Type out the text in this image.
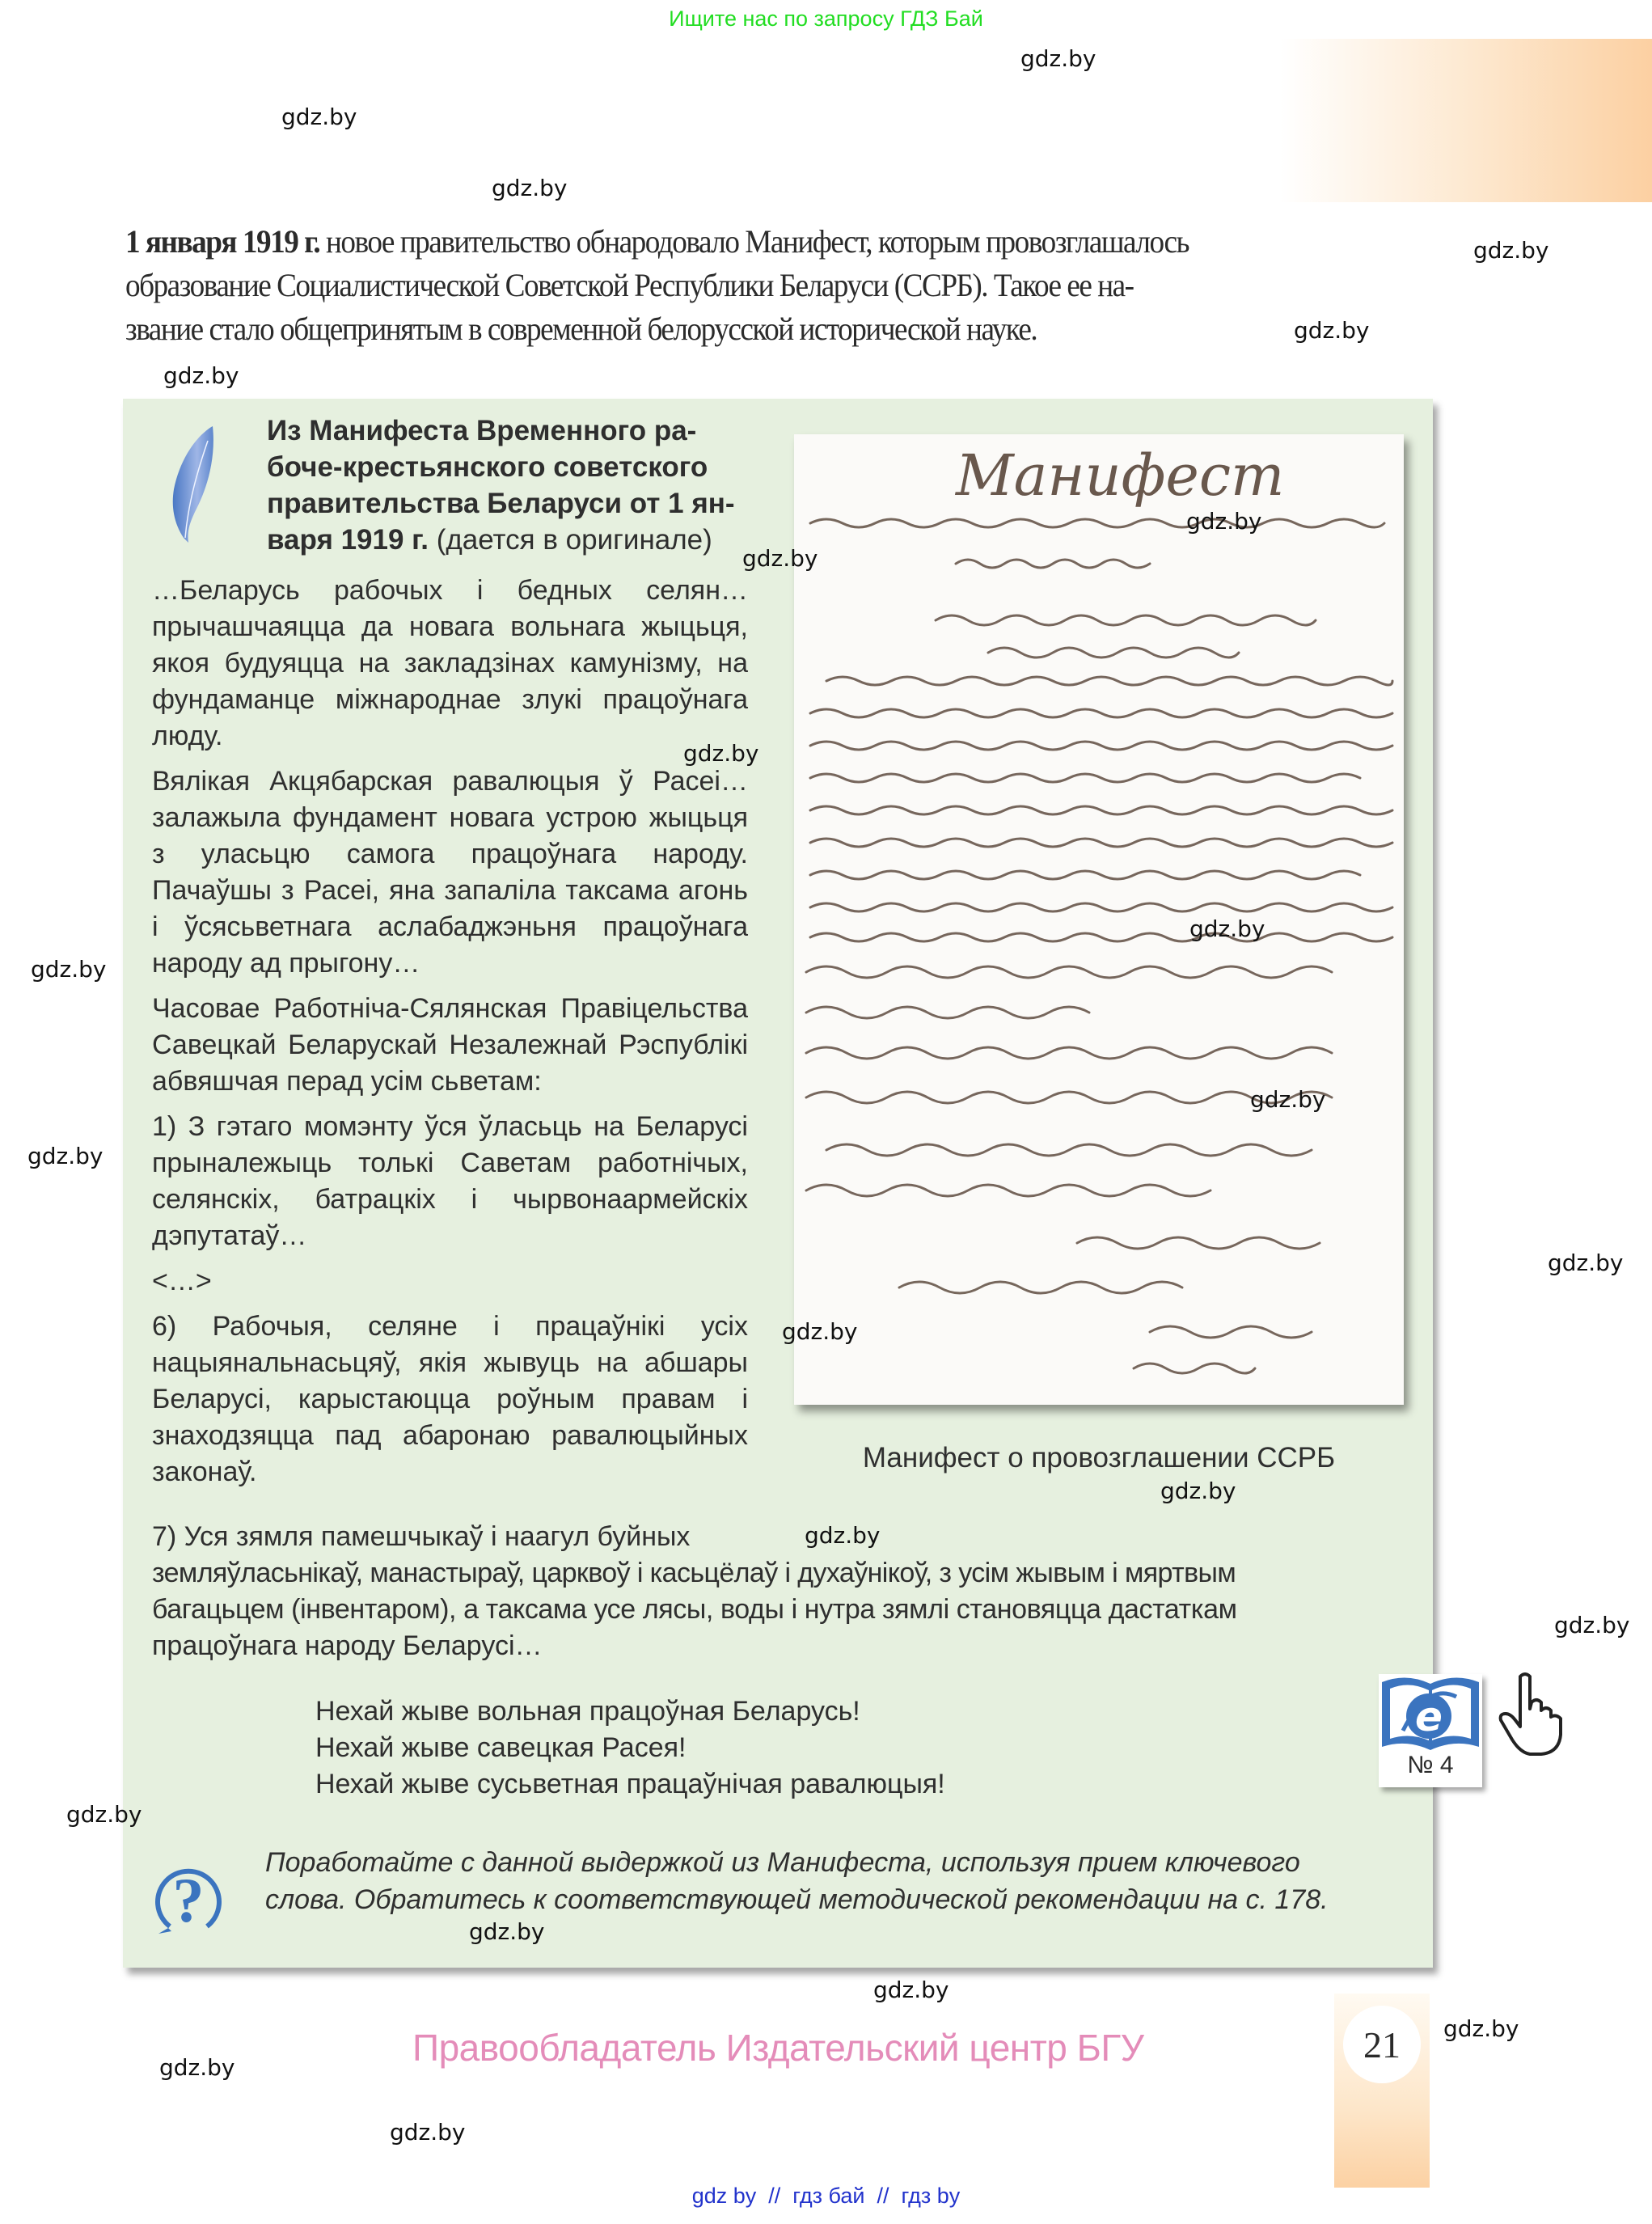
Ищите нас по запросу ГДЗ Бай
21
1 января 1919 г. новое правительство обнародовало Манифест, которым провозглашалось
образование Социалистической Советской Республики Беларуси (ССРБ). Такое ее на-
звание стало общепринятым в современной белорусской исторической науке.
Из Манифеста Временного ра-
боче-крестьянского советского
правительства Беларуси от 1 ян-
варя 1919 г. (дается в оригинале)

…Беларусь рабочых і бедных селян… прычашчаяцца да новага вольнага жыцьця, якоя будуяцца на закладзінах камунізму, на фундаманце міжнароднае злукі працоўнага люду.

Вялікая Акцябарская равалюцыя ў Расеі… залажыла фундамент новага устрою жыцьця з уласьцю самога працоўнага народу. Пачаўшы з Расеі, яна запаліла таксама агонь і ўсясьветнага аслабаджэньня працоўнага народу ад прыгону…

Часовае Работніча-Сялянская Правіцельства Савецкай Беларускай Незалежнай Рэспублікі абвяшчая перад усім сьветам:

1) З гэтаго момэнту ўся ўласьць на Беларусі прыналежыць толькі Саветам работнічых, селянскіх, батрацкіх і чырвонаармейскіх дэпутатаў…

<…>

6) Рабочыя, селяне і працаўнікі усіх нацыянальнасьцяў, якія жывуць на абшары Беларусі, карыстаюцца роўным правам і знаходзяцца пад абаронаю равалюцыйных законаў.

Манифест
Манифест о провозглашении ССРБ
7) Уся зямля памешчыкаў і наагул буйных
земляўласьнікаў, манастыраў, царквоў і касьцёлаў і духаўнікоў, з усім жывым і мяртвым
багацьцем (інвентаром), а таксама усе лясы, воды і нутра зямлі становяцца дастаткам
працоўнага народу Беларусі…
Нехай жыве вольная працоўная Беларусь!
Нехай жыве савецкая Расея!
Нехай жыве сусьветная працаўнічая равалюцыя!
?
Поработайте с данной выдержкой из Манифеста, используя прием ключевого
слова. Обратитесь к соответствующей методической рекомендации на с. 178.
e
№ 4
Правообладатель Издательский центр БГУ
gdz by  //  гдз бай  //  гдз by
gdz.by
gdz.by
gdz.by
gdz.by
gdz.by
gdz.by
gdz.by
gdz.by
gdz.by
gdz.by
gdz.by
gdz.by
gdz.by
gdz.by
gdz.by
gdz.by
gdz.by
gdz.by
gdz.by
gdz.by
gdz.by
gdz.by
gdz.by
gdz.by
